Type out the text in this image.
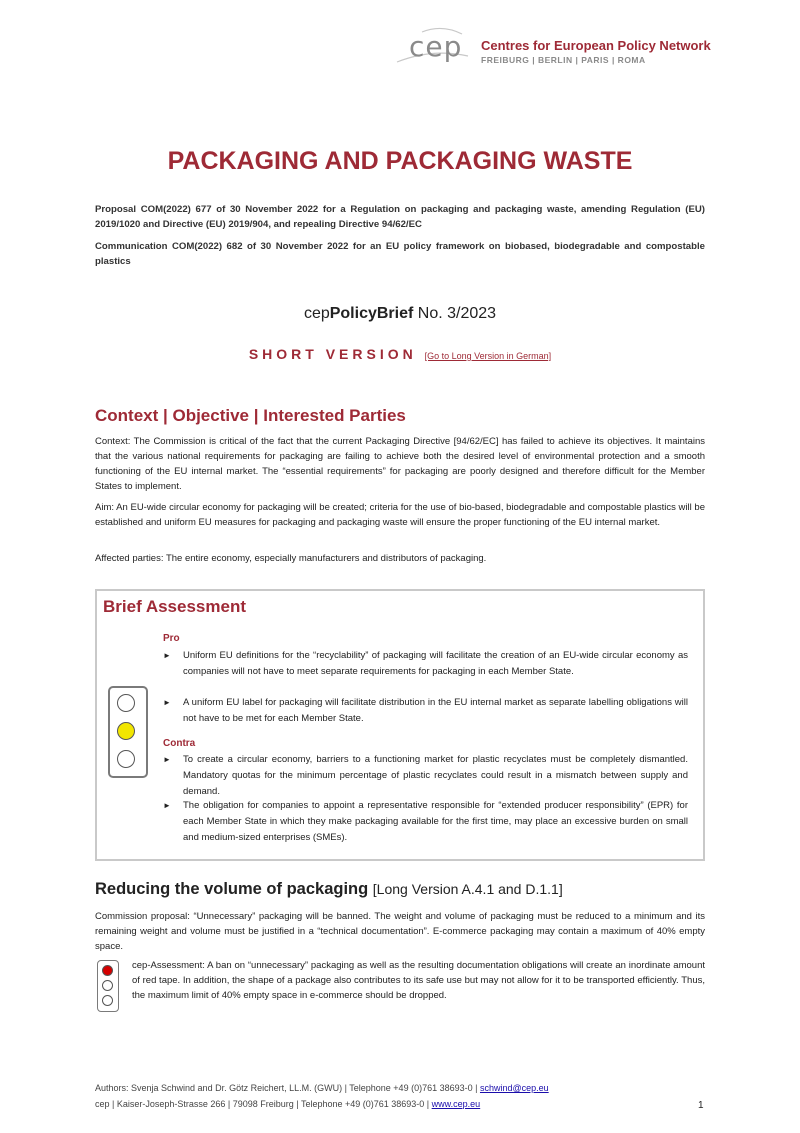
cep Centres for European Policy Network
FREIBURG | BERLIN | PARIS | ROMA
PACKAGING AND PACKAGING WASTE
Proposal COM(2022) 677 of 30 November 2022 for a Regulation on packaging and packaging waste, amending Regulation (EU) 2019/1020 and Directive (EU) 2019/904, and repealing Directive 94/62/EC
Communication COM(2022) 682 of 30 November 2022 for an EU policy framework on biobased, biodegradable and compostable plastics
cepPolicyBrief No. 3/2023
SHORT VERSION [Go to Long Version in German]
Context | Objective | Interested Parties
Context: The Commission is critical of the fact that the current Packaging Directive [94/62/EC] has failed to achieve its objectives. It maintains that the various national requirements for packaging are failing to achieve both the desired level of environmental protection and a smooth functioning of the EU internal market. The “essential requirements” for packaging are poorly designed and therefore difficult for the Member States to implement.
Aim: An EU-wide circular economy for packaging will be created; criteria for the use of bio-based, biodegradable and compostable plastics will be established and uniform EU measures for packaging and packaging waste will ensure the proper functioning of the EU internal market.
Affected parties: The entire economy, especially manufacturers and distributors of packaging.
Brief Assessment
Pro
►	Uniform EU definitions for the “recyclability” of packaging will facilitate the creation of an EU-wide circular economy as companies will not have to meet separate requirements for packaging in each Member State.
►	A uniform EU label for packaging will facilitate distribution in the EU internal market as separate labelling obligations will not have to be met for each Member State.
Contra
►	To create a circular economy, barriers to a functioning market for plastic recyclates must be completely dismantled. Mandatory quotas for the minimum percentage of plastic recyclates could result in a mismatch between supply and demand.
►	The obligation for companies to appoint a representative responsible for “extended producer responsibility” (EPR) for each Member State in which they make packaging available for the first time, may place an excessive burden on small and medium-sized enterprises (SMEs).
Reducing the volume of packaging [Long Version A.4.1 and D.1.1]
Commission proposal: “Unnecessary” packaging will be banned. The weight and volume of packaging must be reduced to a minimum and its remaining weight and volume must be justified in a “technical documentation”. E-commerce packaging may contain a maximum of 40% empty space.
cep-Assessment: A ban on “unnecessary” packaging as well as the resulting documentation obligations will create an inordinate amount of red tape. In addition, the shape of a package also contributes to its safe use but may not allow for it to be transported efficiently. Thus, the maximum limit of 40% empty space in e-commerce should be dropped.
Authors: Svenja Schwind and Dr. Götz Reichert, LL.M. (GWU) | Telephone +49 (0)761 38693-0 | schwind@cep.eu
cep | Kaiser-Joseph-Strasse 266 | 79098 Freiburg | Telephone +49 (0)761 38693-0 | www.cep.eu	1
